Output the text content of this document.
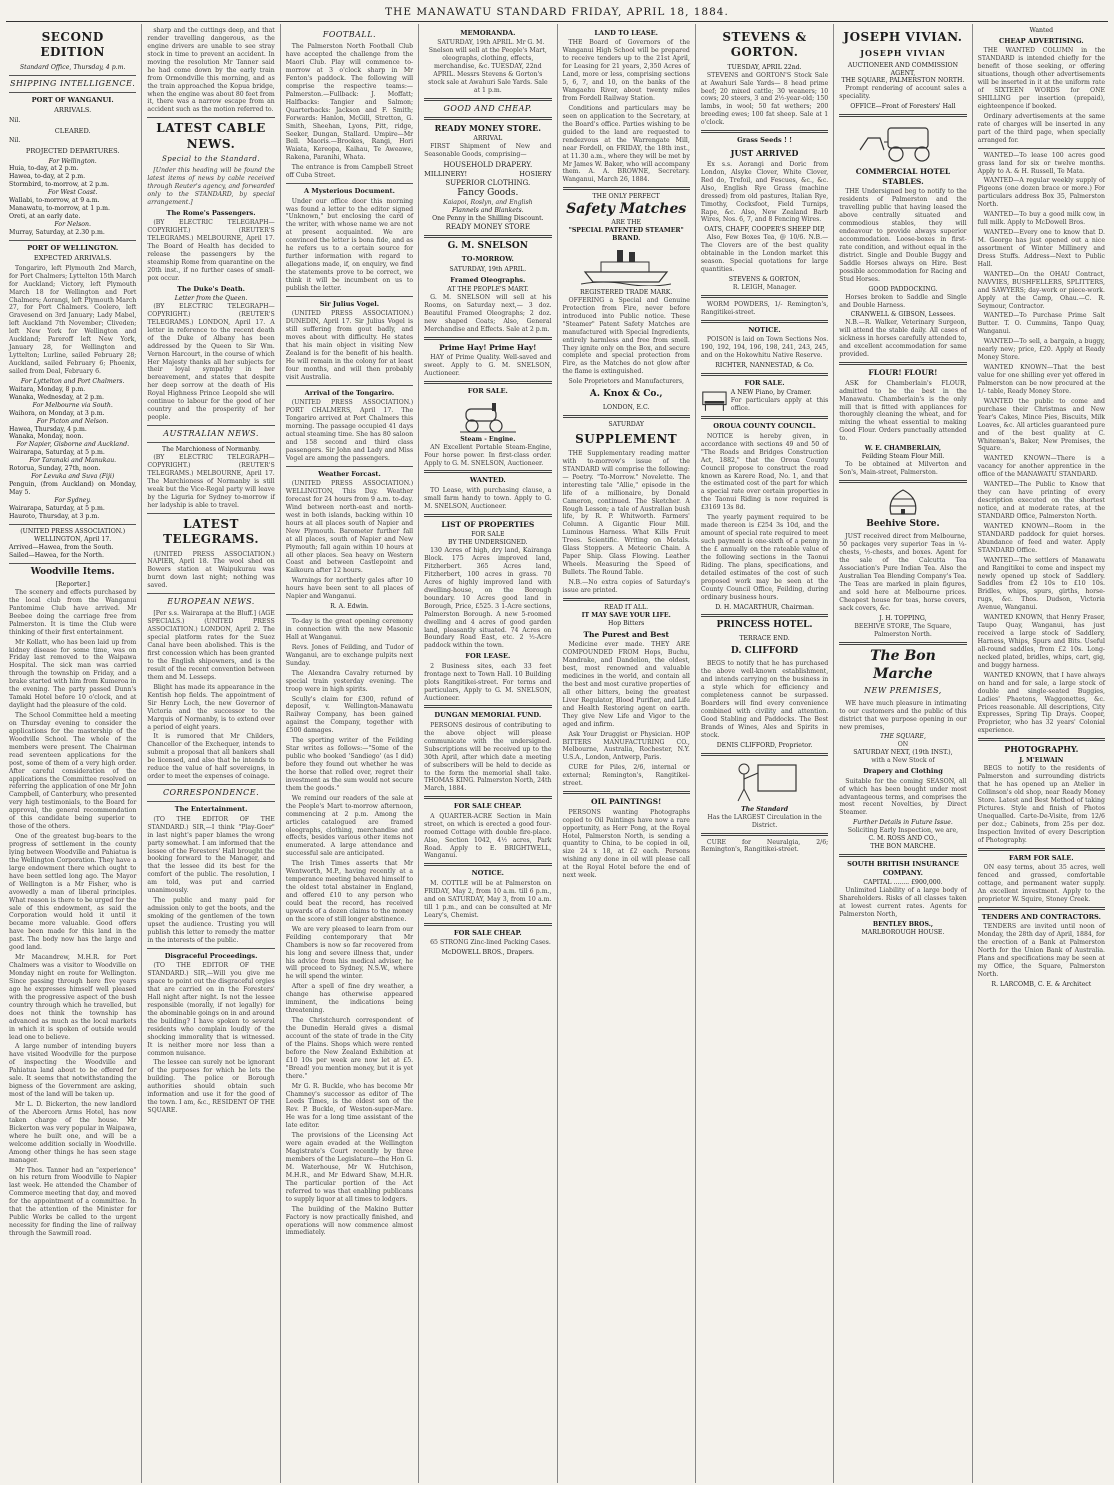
THE MANAWATU STANDARD FRIDAY, APRIL 18, 1884.
SECOND EDITION
Standard Office, Thursday, 4 p.m.
SHIPPING INTELLIGENCE.
PORT OF WANGANUI.
ARRIVALS.
Nil.
CLEARED.
Nil.
PROJECTED DEPARTURES.
For Wellington.
Huia, to-day, at 2 p.m.
Hawea, to-day, at 2 p.m.
Stormbird, to-morrow, at 2 p.m.
For West Coast.
Wallabi, to-morrow, at 9 a.m.
Manawatu, to-morrow, at 1 p.m.
Oreti, at an early date.
For Nelson.
Murray, Saturday, at 2.30 p.m.
PORT OF WELLINGTON.
EXPECTED ARRIVALS.
Tongariro, left Plymouth 2nd March, for Port Chalmers; Lyttelton 15th March for Auckland; Victory, left Plymouth March 18 for Wellington and Port Chalmers; Aorangi, left Plymouth March 27, for Port Chalmers. Coolero, left Gravesend on 3rd January; Lady Mabel, left Auckland 7th November; Cliveden; left New York for Wellington and Auckland; Pareroff left New York, January 28, for Wellington and Lyttelton; Lurline, sailed February 28; Auckland, sailed February 6; Phoenix, sailed from Deal, February 6.
For Lyttelton and Port Chalmers.
Waitara, Monday, 8 p.m.
Wanaka, Wednesday, at 2 p.m.
For Melbourne via South.
Waihora, on Monday, at 3 p.m.
For Picton and Nelson.
Hawea, Thursday, 4 p.m.
Wanaka, Monday, noon.
For Napier, Gisborne and Auckland.
Wairarapa, Saturday, at 5 p.m.
For Taranaki and Manukau.
Rotorua, Sunday, 27th, noon.
For Levuka and Suva (Fiji)
Penguin, (from Auckland) on Monday, May 5.
For Sydney.
Wairarapa, Saturday, at 5 p.m.
Hauroto, Thursday, at 3 p.m.
(UNITED PRESS ASSOCIATION.)
WELLINGTON, April 17.
Arrived—Hawea, from the South.
Sailed—Hawea, for the North.
Woodville Items.
[Reporter.]
The scenery and effects purchased by the local club from the Wanganui Pantomime Club have arrived. Mr Beebee doing the carriage free from Palmerston. It is time the Club were thinking of their first entertainment.
Mr Kollatt, who has been laid up from kidney disease for some time, was on Friday last removed to the Waipawa Hospital. The sick man was carried through the township on Friday, and a brake started with him from Kumeroa in the evening. The party passed Dunn's Tamaki Hotel before 10 o'clock, and at daylight had the pleasure of the cold.
The School Committee held a meeting on Thursday evening to consider the applications for the mastership of the Woodville School. The whole of the members were present. The Chairman read seventeen applications for the post, some of them of a very high order. After careful consideration of the applications the Committee resolved on referring the application of one Mr John Campbell, of Canterbury, who presented very high testimonials, to the Board for approval, the general recommendation of this candidate being superior to those of the others.
One of the greatest bug-bears to the progress of settlement in the county lying between Woodville and Pahiatua is the Wellington Corporation. They have a large endowment there which ought to have been settled long ago. The Mayor of Wellington is a Mr Fisher, who is avowedly a man of liberal principles. What reason is there to be urged for the sale of this endowment, as said the Corporation would hold it until it became more valuable. Good offers have been made for this land in the past. The body now has the large and good land.
Mr Macandrew, M.H.R. for Port Chalmers was a visitor to Woodville on Monday night en route for Wellington. Since passing through here five years ago he expresses himself well pleased with the progressive aspect of the bush country through which he travelled, but does not think the township has advanced as much as the local markets in which it is spoken of outside would lead one to believe.
A large number of intending buyers have visited Woodville for the purpose of inspecting the Woodville and Pahiatua land about to be offered for sale. It seems that notwithstanding the bigness of the Government are asking, most of the land will be taken up.
Mr L. D. Bickerton, the new landlord of the Abercorn Arms Hotel, has now taken charge of the house. Mr Bickerton was very popular in Waipawa, where he built one, and will be a welcome addition socially in Woodville. Among other things he has seen stage manager.
Mr Thos. Tanner had an "experience" on his return from Woodville to Napier last week. He attended the Chamber of Commerce meeting that day, and moved for the appointment of a committee. In that the attention of the Minister for Public Works be called to the urgent necessity for finding the line of railway through the Sawmill road.
sharp and the cuttings deep, and that render travelling dangerous, as the engine drivers are unable to see stray stock in time to prevent an accident. In moving the resolution Mr Tanner said he had come down by the early train from Ormondville this morning, and as the train approached the Kopua bridge, when the engine was about 80 feet from it, there was a narrow escape from an accident such as the motion referred to.
LATEST CABLE NEWS.
Special to the Standard.
[Under this heading will be found the latest items of news by cable received through Reuter's agency, and forwarded only to the STANDARD, by special arrangement.]
The Rome's Passengers.
(BY ELECTRIC TELEGRAPH—COPYRIGHT.) (REUTER'S TELEGRAMS.) MELBOURNE, April 17. The Board of Health has decided to release the passengers by the steamship Rome from quarantine on the 20th inst., if no further cases of small-pox occur.
The Duke's Death.
Letter from the Queen.
(BY ELECTRIC TELEGRAPH—COPYRIGHT.) (REUTER'S TELEGRAMS.) LONDON, April 17. A letter in reference to the recent death of the Duke of Albany has been addressed by the Queen to Sir Wm. Vernon Harcourt, in the course of which Her Majesty thanks all her subjects for their loyal sympathy in her bereavement, and states that despite her deep sorrow at the death of His Royal Highness Prince Leopold she will continue to labour for the good of her country and the prosperity of her people.
AUSTRALIAN NEWS.
The Marchioness of Normanby.
(BY ELECTRIC TELEGRAPH—COPYRIGHT.) (REUTER'S TELEGRAMS.) MELBOURNE, April 17. The Marchioness of Normanby is still weak but the Vice-Regal party will leave by the Liguria for Sydney to-morrow if her ladyship is able to travel.
LATEST TELEGRAMS.
(UNITED PRESS ASSOCIATION.) NAPIER, April 18. The wool shed on Bowers station at Waipukurau was burnt down last night; nothing was saved.
EUROPEAN NEWS.
[Per s.s. Wairarapa at the Bluff.] (AGE SPECIALS.) (UNITED PRESS ASSOCIATION.) LONDON, April 2. The special platform rates for the Suez Canal have been abolished. This is the first concession which has been granted to the English shipowners, and is the result of the recent convention between them and M. Lesseps.
Blight has made its appearance in the Kentish hop fields. The appointment of Sir Henry Loch, the new Governor of Victoria and the successor to the Marquis of Normanby, is to extend over a period of eight years.
It is rumored that Mr Childers, Chancellor of the Exchequer, intends to submit a proposal that all bankers shall be licensed, and also that he intends to reduce the value of half sovereigns, in order to meet the expenses of coinage.
CORRESPONDENCE.
The Entertainment.
(TO THE EDITOR OF THE STANDARD.) SIR,—I think "Play-Goer" in last night's paper blames the wrong party somewhat. I am informed that the lessee of the Foresters' Hall brought the booking forward to the Manager, and that the lessee did its best for the comfort of the public. The resolution, I am told, was put and carried unanimously.
The public and many paid for admission only to get the boots, and the smoking of the gentlemen of the town upset the audience. Trusting you will publish this letter to remedy the matter in the interests of the public.
Disgraceful Proceedings.
(TO THE EDITOR OF THE STANDARD.) SIR,—Will you give me space to point out the disgraceful orgies that are carried on in the Foresters' Hall night after night. Is not the lessee responsible (morally, if not legally) for the abominable goings on in and around the building? I have spoken to several residents who complain loudly of the shocking immorality that is witnessed. It is neither more nor less than a common nuisance.
The lessee can surely not be ignorant of the purposes for which he lets the building. The police or Borough authorities should obtain such information and use it for the good of the town. I am, &c., RESIDENT OF THE SQUARE.
FOOTBALL.
The Palmerston North Football Club have accepted the challenge from the Maori Club. Play will commence to-morrow at 3 o'clock sharp in Mr Fenton's paddock. The following will comprise the respective teams:— Palmerston.—Fullback: J. Moffatt; Halfbacks: Tangier and Salmon; Quarterbacks: Jackson and F. Smith; Forwards: Hanlon, McGill, Stretton, G. Smith, Sheehan, Lyons, Pitt, ridge, Seeker, Dungan, Stallard. Umpire—Mr Bell. Maoris.—Brookes, Rangi, Hori Waiata, Kereopa, Kaihau, Te Aweawe, Rakena, Paranihi, Whata.
The entrance is from Campbell Street off Cuba Street.
A Mysterious Document.
Under our office door this morning was found a letter to the editor signed "Unknown," but enclosing the card of the writer, with whose name we are not at present acquainted. We are convinced the letter is bona fide, and as he refers us to a certain source for further information with regard to allegations made, if, on enquiry, we find the statements prove to be correct, we think it will be incumbent on us to publish the letter.
Sir Julius Vogel.
(UNITED PRESS ASSOCIATION.) DUNEDIN, April 17. Sir Julius Vogel is still suffering from gout badly, and moves about with difficulty. He states that his main object in visiting New Zealand is for the benefit of his health. He will remain in the colony for at least four months, and will then probably visit Australia.
Arrival of the Tongariro.
(UNITED PRESS ASSOCIATION.) PORT CHALMERS, April 17. The Tongariro arrived at Port Chalmers this morning. The passage occupied 41 days actual steaming time. She has 80 saloon and 158 second and third class passengers. Sir John and Lady and Miss Vogel are among the passengers.
Weather Forcast.
(UNITED PRESS ASSOCIATION.) WELLINGTON, This Day. Weather forecast for 24 hours from 9 a.m. to-day. Wind between north-east and north-west in both islands, backing within 10 hours at all places south of Napier and New Plymouth. Barometer further fall at all places, south of Napier and New Plymouth; fall again within 10 hours at all other places. Sea heavy on Western Coast and between Castlepoint and Kaikoura after 12 hours.
Warnings for northerly gales after 10 hours have been sent to all places of Napier and Wanganui.
R. A. Edwin.
To-day is the great opening ceremony in connection with the new Masonic Hall at Wanganui.
Revs. Jones of Feilding, and Tudor of Wanganui, are to exchange pulpits next Sunday.
The Alexandra Cavalry returned by special train yesterday evening. The troop were in high spirits.
Scully's claim for £300, refund of deposit, v. Wellington-Manawatu Railway Company, has been gained against the Company, together with £500 damages.
The sporting writer of the Feilding Star writes as follows:—"Some of the public who booked 'Sandiego' (as I did) before they found out whether he was the horse that rolled over, regret their investment as the sum would not secure them the goods."
We remind our readers of the sale at the People's Mart to-morrow afternoon, commencing at 2 p.m. Among the articles catalogued are framed oleographs, clothing, merchandise and effects, besides various other items not enumerated. A large attendance and successful sale are anticipated.
The Irish Times asserts that Mr Wentworth, M.P., having recently at a temperance meeting behaved himself to the oldest total abstainer in England, and offered £10 to any person who could beat the record, has received upwards of a dozen claims to the money on the score of still longer abstinence.
We are very pleased to learn from our Feilding contemporary that Mr Chambers is now so far recovered from his long and severe illness that, under his advice from his medical adviser, he will proceed to Sydney, N.S.W., where he will spend the winter.
After a spell of fine dry weather, a change has otherwise appeared imminent, the indications being threatening.
The Christchurch correspondent of the Dunedin Herald gives a dismal account of the state of trade in the City of the Plains. Shops which were rented before the New Zealand Exhibition at £10 10s per week are now let at £5. "Bread! you mention money, but it is yet there."
Mr G. R. Buckle, who has become Mr Chamney's successor as editor of The Leeds Times, is the oldest son of the Rev. P. Buckle, of Weston-super-Mare. He was for a long time assistant of the late editor.
The provisions of the Licensing Act were again evaded at the Wellington Magistrate's Court recently by three members of the Legislature—the Hon G. M. Waterhouse, Mr W. Hutchison, M.H.R., and Mr Edward Shaw, M.H.R. The particular portion of the Act referred to was that enabling publicans to supply liquor at all times to lodgers.
The building of the Makino Butter Factory is now practically finished, and operations will now commence almost immediately.
MEMORANDA.
SATURDAY, 19th APRIL. Mr G. M. Snelson will sell at the People's Mart, oleographs, clothing, effects, merchandise, &c. TUESDAY, 22nd APRIL. Messrs Stevens & Gorton's stock sale at Awahuri Sale Yards. Sale at 1 p.m.
GOOD AND CHEAP.
READY MONEY STORE.
ARRIVAL
FIRST Shipment of New and Seasonable Goods, comprising—
HOUSEHOLD DRAPERY.
MILLINERY!	HOSIERY
SUPERIOR CLOTHING.
Fancy Goods.
Kaiapoi, Roslyn, and English
Flannels and Blankets.
One Penny in the Shilling Discount.
READY MONEY STORE
G. M. SNELSON
TO-MORROW.
SATURDAY, 19th APRIL.
Framed Oleographs.
AT THE PEOPLE'S MART.
G. M. SNELSON will sell at his Rooms, on Saturday next,— 3 doz. Beautiful Framed Oleographs; 2 doz. new shaped Coats; Also, General Merchandise and Effects. Sale at 2 p.m.
Prime Hay! Prime Hay!
HAY of Prime Quality. Well-saved and sweet. Apply to G. M. SNELSON, Auctioneer.
FOR SALE.
Steam - Engine.
AN Excellent Portable Steam-Engine, Four horse power. In first-class order. Apply to G. M. SNELSON, Auctioneer.
WANTED.
TO Lease, with purchasing clause, a small farm handy to town. Apply to G. M. SNELSON, Auctioneer.
LIST OF PROPERTIES
FOR SALE
BY THE UNDERSIGNED.
130 Acres of high, dry land, Kairanga Block. 175 Acres improved land, Fitzherbert. 365 Acres land, Fitzherbert, 100 acres in grass. 70 Acres of highly improved land with dwelling-house, on the Borough boundary. 10 Acres good land in Borough, Price, £525. 3 1-Acre sections, Palmerston Borough. A new 5-roomed dwelling and 4 acres of good garden land, pleasantly situated. 74 Acres on Boundary Road East, etc. 2 ½-Acre paddock within the town.
FOR LEASE.
2 Business sites, each 33 feet frontage next to Town Hall. 10 Building plots Rangitikei-street. For terms and particulars, Apply to G. M. SNELSON, Auctioneer.
DUNGAN MEMORIAL FUND.
PERSONS desirous of contributing to the above object will please communicate with the undersigned. Subscriptions will be received up to the 30th April, after which date a meeting of subscribers will be held to decide as to the form the memorial shall take. THOMAS KING. Palmerston North, 24th March, 1884.
FOR SALE CHEAP.
A QUARTER-ACRE Section in Main street, on which is erected a good four-roomed Cottage with double fire-place. Also, Section 1042, 4½ acres, Park Road. Apply to E. BRIGHTWELL, Wanganui.
NOTICE.
M. COTTLE will be at Palmerston on FRIDAY, May 2, from 10 a.m. till 6 p.m., and on SATURDAY, May 3, from 10 a.m. till 1 p.m., and can be consulted at Mr Leary's, Chemist.
FOR SALE CHEAP.
65 STRONG Zinc-lined Packing Cases.
McDOWELL BROS., Drapers.
LAND TO LEASE.
THE Board of Governors of the Wanganui High School will be prepared to receive tenders up to the 21st April, for Leasing for 21 years, 2,350 Acres of Land, more or less, comprising sections 5, 6, 7, and 10, on the banks of the Wangaehu River, about twenty miles from Fordell Railway Station.
Conditions and particulars may be seen on application to the Secretary, at the Board's office. Parties wishing to be guided to the land are requested to rendezvous at the Warrengate Mill, near Fordell, on FRIDAY, the 18th inst., at 11.30 a.m., where they will be met by Mr James W. Baker, who will accompany them. A. A. BROWNE, Secretary. Wanganui, March 26, 1884.
THE ONLY PERFECT
Safety Matches
ARE THE
"SPECIAL PATENTED STEAMER" BRAND.
REGISTERED TRADE MARK.
OFFERING a Special and Genuine Protection from Fire, never before introduced into Public notice. These "Steamer" Patent Safety Matches are manufactured with Special Ingredients, entirely harmless and free from smell. They ignite only on the Box, and secure complete and special protection from Fire, as the Matches do not glow after the flame is extinguished.
Sole Proprietors and Manufacturers,
A. Knox & Co.,
LONDON, E.C.
SATURDAY
SUPPLEMENT
THE Supplementary reading matter with to-morrow's issue of the STANDARD will comprise the following:— Poetry. "To-Morrow." Novelette. The interesting tale "Allie," episode in the life of a millionaire, by Donald Cameron, continued. The Sketcher. A Rough Lesson; a tale of Australian bush life, by R. P. Whitworth. Farmers' Column. A Gigantic Flour Mill. Luminous Harness. What Kills Fruit Trees. Scientific. Writing on Metals. Glass Stoppers. A Meteoric Chain. A Paper Ship. Glass Flowing. Leather Wheels. Measuring the Speed of Bullets. The Round Table.
N.B.—No extra copies of Saturday's issue are printed.
READ IT ALL.
IT MAY SAVE YOUR LIFE.
Hop Bitters
The Purest and Best
Medicine ever made. THEY ARE COMPOUNDED FROM Hops, Buchu, Mandrake, and Dandelion, the oldest, best, most renowned and valuable medicines in the world, and contain all the best and most curative properties of all other bitters, being the greatest Liver Regulator, Blood Purifier, and Life and Health Restoring agent on earth. They give New Life and Vigor to the aged and infirm.
Ask Your Druggist or Physician. HOP BITTERS MANUFACTURING CO., Melbourne, Australia, Rochester, N.Y. U.S.A., London, Antwerp, Paris.
CURE for Piles, 2/6, internal or external; Remington's, Rangitikei-street.
OIL PAINTINGS!
PERSONS wanting Photographs copied to Oil Paintings have now a rare opportunity, as Herr Pong, at the Royal Hotel, Palmerston North, is sending a quantity to China, to be copied in oil, size 24 x 18, at £2 each. Persons wishing any done in oil will please call at the Royal Hotel before the end of next week.
STEVENS & GORTON.
TUESDAY, APRIL 22nd.
STEVENS and GORTON'S Stock Sale at Awahuri Sale Yards— 8 head prime beef; 20 mixed cattle; 30 weaners; 10 cows; 20 steers, 3 and 2½-year-old; 150 lambs, in wool; 50 fat wethers; 200 breeding ewes; 100 fat sheep. Sale at 1 o'clock.
Grass Seeds ! !
JUST ARRIVED
Ex s.s. Aorangi and Doric from London, Alsyke Clover, White Clover, Red do, Trefoil, and Fescues, &c., &c. Also, English Rye Grass (machine dressed) from old pastures, Italian Rye, Timothy, Cocksfoot, Field Turnips, Rape, &c. Also, New Zealand Barb Wires, Nos. 6, 7, and 8 Fencing Wires.
OATS, CHAFF, COOPER'S SHEEP DIP,
Also, Few Boxes Tea, @ 10/6. N.B.—The Clovers are of the best quality obtainable in the London market this season. Special quotations for large quantities.
STEVENS & GORTON,
R. LEIGH, Manager.
WORM POWDERS, 1/- Remington's, Rangitikei-street.
NOTICE.
POISON is laid on Town Sections Nos. 190, 192, 194, 196, 198, 241, 243, 245, and on the Hokowhitu Native Reserve.
RICHTER, NANNESTAD, & Co.
FOR SALE.
A NEW Piano, by Cramer.
For particulars apply at this office.
OROUA COUNTY COUNCIL.
NOTICE is hereby given, in accordance with sections 49 and 50 of "The Roads and Bridges Construction Act, 1882," that the Oroua County Council propose to construct the road known as Karere Road, No. 1, and that the estimated cost of the part for which a special rate over certain properties in the Taonui Riding is now required is £3169 13s 8d.
The yearly payment required to be made thereon is £254 3s 10d, and the amount of special rate required to meet such payment is one-sixth of a penny in the £ annually on the rateable value of the following sections in the Taonui Riding. The plans, specifications, and detailed estimates of the cost of such proposed work may be seen at the County Council Office, Feilding, during ordinary business hours.
D. H. MACARTHUR, Chairman.
PRINCESS HOTEL.
TERRACE END.
D. CLIFFORD
BEGS to notify that he has purchased the above well-known establishment, and intends carrying on the business in a style which for efficiency and completeness cannot be surpassed. Boarders will find every convenience combined with civility and attention. Good Stabling and Paddocks. The Best Brands of Wines, Ales and Spirits in stock.
DENIS CLIFFORD, Proprietor.
The Standard
Has the LARGEST Circulation in the District.
CURE for Neuralgia, 2/6; Remington's, Rangitikei-street.
JOSEPH VIVIAN.
JOSEPH VIVIAN
AUCTIONEER AND COMMISSION AGENT,
THE SQUARE, PALMERSTON NORTH.
Prompt rendering of account sales a speciality.
OFFICE—Front of Foresters' Hall
COMMERCIAL HOTEL STABLES.
THE Undersigned beg to notify to the residents of Palmerston and the travelling public that having leased the above centrally situated and commodious stables, they will endeavour to provide always superior accommodation. Loose-boxes in first-rate condition, and without equal in the district. Single and Double Buggy and Saddle Horses always on Hire. Best possible accommodation for Racing and Stud Horses.
GOOD PADDOCKING.
Horses broken to Saddle and Single and Double Harness.
CRANWELL & GIBSON, Lessees.
N.B.—R. Walker, Veterinary Surgeon, will attend the stable daily. All cases of sickness in horses carefully attended to, and excellent accommodation for same provided.
FLOUR! FLOUR!
ASK for Chamberlain's FLOUR, admitted to be the best in the Manawatu. Chamberlain's is the only mill that is fitted with appliances for thoroughly cleaning the wheat, and for mixing the wheat essential to making Good Flour. Orders punctually attended to.
W. E. CHAMBERLAIN,
Feilding Steam Flour Mill.
To be obtained at Milverton and Son's, Main-street, Palmerston.
Beehive Store.
JUST received direct from Melbourne, 50 packages very superior Teas in ¼-chests, ½-chests, and boxes. Agent for the sale of the Calcutta Tea Association's Pure Indian Tea. Also the Australian Tea Blending Company's Tea. The Teas are marked in plain figures, and sold here at Melbourne prices. Cheapest house for teas, horse covers, sack covers, &c.
J. H. TOPPING,
BEEHIVE STORE, The Square, Palmerston North.
The Bon Marche
NEW PREMISES,
WE have much pleasure in intimating to our customers and the public of this district that we purpose opening in our new premises,
THE SQUARE,
ON
SATURDAY NEXT, (19th INST.),
with a New Stock of
Drapery and Clothing
Suitable for the coming SEASON, all of which has been bought under most advantageous terms, and comprises the most recent Novelties, by Direct Steamer.
Further Details in Future Issue.
Soliciting Early Inspection, we are,
C. M. ROSS AND CO.,
THE BON MARCHE.
SOUTH BRITISH INSURANCE COMPANY.
CAPITAL ........ £900,000.
Unlimited Liability of a large body of Shareholders. Risks of all classes taken at lowest current rates. Agents for Palmerston North,
BENTLEY BROS.,
MARLBOROUGH HOUSE.
Wanted
CHEAP ADVERTISING.
THE WANTED COLUMN in the STANDARD is intended chiefly for the benefit of those seeking, or offering situations, though other advertisements will be inserted in it at the uniform rate of SIXTEEN WORDS for ONE SHILLING per insertion (prepaid), eighteenpence if booked.
Ordinary advertisements at the same rate of charges will be inserted in any part of the third page, when specially arranged for.
WANTED—To lease 100 acres good grass land for six or twelve months. Apply to A. & H. Russell, Te Mata.
WANTED—A regular weekly supply of Pigeons (one dozen brace or more.) For particulars address Box 35, Palmerston North.
WANTED—To buy a good milk cow, in full milk. Apply to McDowell Bros.
WANTED—Every one to know that D. M. George has just opened out a nice assortment of Winter Millinery and Dress Stuffs. Address—Next to Public Hall.
WANTED—On the OHAU Contract, NAVVIES, BUSHFELLERS, SPLITTERS, and SAWYERS; day-work or piece-work. Apply at the Camp, Ohau.—C. R. Seymour, Contractor.
WANTED—To Purchase Prime Salt Butter. T. O. Cummins, Tanpo Quay, Wanganui.
WANTED—To sell, a bargain, a buggy, nearly new; price, £20. Apply at Ready Money Store.
WANTED KNOWN—That the best value for one shilling ever yet offered in Palmerston can be now procured at the 1/- table, Ready Money Store.
WANTED the public to come and purchase their Christmas and New Year's Cakes, Mince Pies, Biscuits, Milk Loaves, &c. All articles guaranteed pure and of the best quality at C. Whiteman's, Baker, New Premises, the Square.
WANTED KNOWN—There is a vacancy for another apprentice in the office of the MANAWATU STANDARD.
WANTED—The Public to Know that they can have printing of every description executed on the shortest notice, and at moderate rates, at the STANDARD Office, Palmerston North.
WANTED KNOWN—Room in the STANDARD paddock for quiet horses. Abundance of feed and water. Apply STANDARD Office.
WANTED—The settlers of Manawatu and Rangitikei to come and inspect my newly opened up stock of Saddlery. Saddles from £2 10s to £10 10s. Bridles, whips, spurs, girths, horse-rugs, &c. Thos. Dudson, Victoria Avenue, Wanganui.
WANTED KNOWN, that Henry Fraser, Taupo Quay, Wanganui, has just received a large stock of Saddlery, Harness, Whips, Spurs and Bits. Useful all-round saddles, from £2 10s. Long-necked plated, bridles, whips, cart, gig, and buggy harness.
WANTED KNOWN, that I have always on hand and for sale, a large stock of double and single-seated Buggies, Ladies' Phaetons, Waggonettes, &c. Prices reasonable. All descriptions, City Expresses, Spring Tip Drays. Cooper, Proprietor, who has 32 years' Colonial experience.
PHOTOGRAPHY.
J. M'ELWAIN
BEGS to notify to the residents of Palmerston and surrounding districts that he has opened up an Atelier in Collinson's old shop, near Ready Money Store. Latest and Best Method of taking Pictures. Style and finish of Photos Unequalled. Carte-De-Visite, from 12/6 per doz.; Cabinets, from 25s per doz. Inspection Invited of every Description of Photography.
FARM FOR SALE.
ON easy terms, about 35 acres, well fenced and grassed, comfortable cottage, and permanent water supply. An excellent investment. Apply to the proprietor W. Squire, Stoney Creek.
TENDERS AND CONTRACTORS.
TENDERS are invited until noon of Monday, the 28th day of April, 1884, for the erection of a Bank at Palmerston North for the Union Bank of Australia. Plans and specifications may be seen at my Office, the Square, Palmerston North.
R. LARCOMB, C. E. & Architect
